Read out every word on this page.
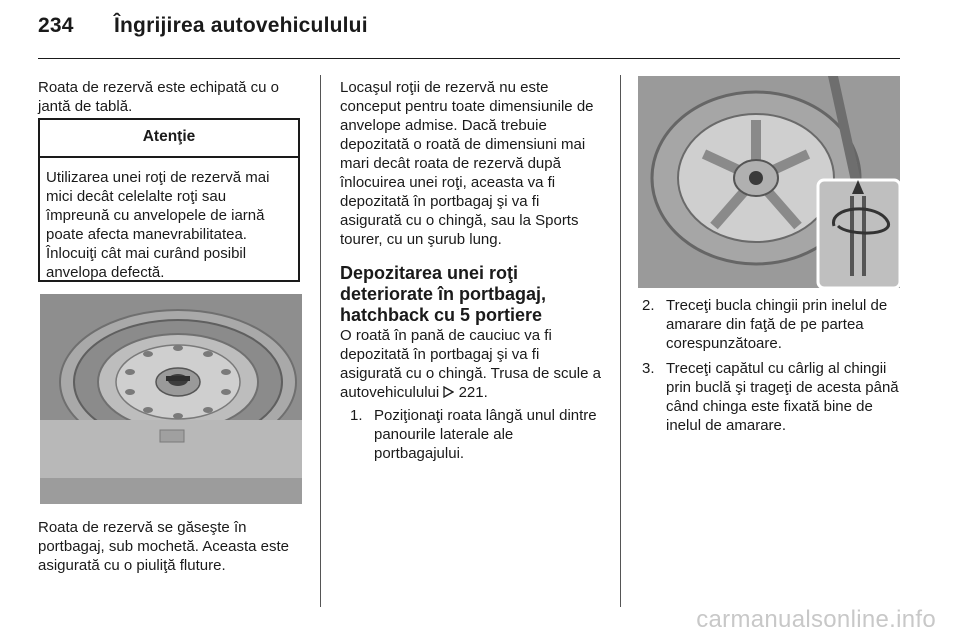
234 Îngrijirea autovehiculului

Roata de rezervă este echipată cu o jantă de tablă.

Atenţie
Utilizarea unei roţi de rezervă mai mici decât celelalte roţi sau împreună cu anvelopele de iarnă poate afecta manevrabilitatea. Înlocuiţi cât mai curând posibil anvelopa defectă.

Roata de rezervă se găseşte în portbagaj, sub mochetă. Aceasta este asigurată cu o piuliţă fluture.

Locaşul roţii de rezervă nu este conceput pentru toate dimensiunile de anvelope admise. Dacă trebuie depozitată o roată de dimensiuni mai mari decât roata de rezervă după înlocuirea unei roţi, aceasta va fi depozitată în portbagaj şi va fi asigurată cu o chingă, sau la Sports tourer, cu un şurub lung.

Depozitarea unei roţi deteriorate în portbagaj, hatchback cu 5 portiere

O roată în pană de cauciuc va fi depozitată în portbagaj şi va fi asigurată cu o chingă. Trusa de scule a autovehiculului 221.

1. Poziţionaţi roata lângă unul dintre panourile laterale ale portbagajului.
2. Treceţi bucla chingii prin inelul de amarare din faţă de pe partea corespunzătoare.
3. Treceţi capătul cu cârlig al chingii prin buclă şi trageţi de acesta până când chinga este fixată bine de inelul de amarare.
carmanualsonline.info
